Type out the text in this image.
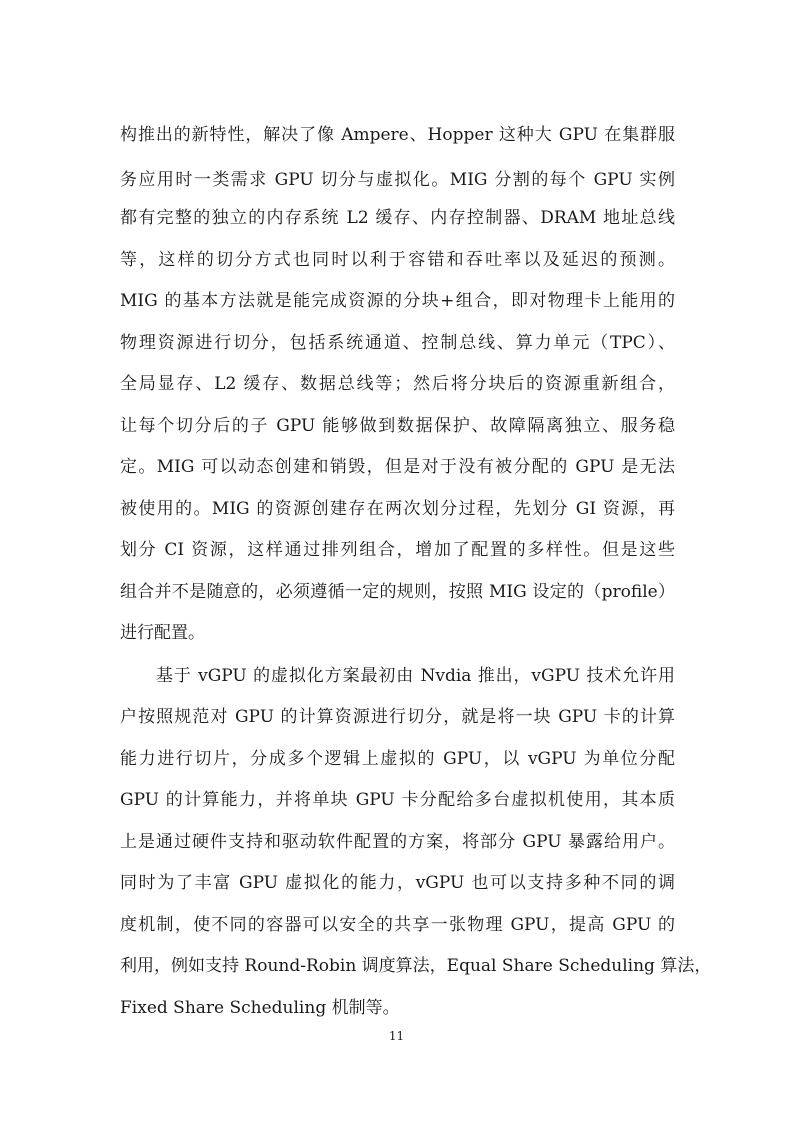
构推出的新特性，解决了像 Ampere、Hopper 这种大 GPU 在集群服
务应用时一类需求 GPU 切分与虚拟化。MIG 分割的每个 GPU 实例
都有完整的独立的内存系统 L2 缓存、内存控制器、DRAM 地址总线
等，这样的切分方式也同时以利于容错和吞吐率以及延迟的预测。
MIG 的基本方法就是能完成资源的分块+组合，即对物理卡上能用的
物理资源进行切分，包括系统通道、控制总线、算力单元（TPC）、
全局显存、L2 缓存、数据总线等；然后将分块后的资源重新组合，
让每个切分后的子 GPU 能够做到数据保护、故障隔离独立、服务稳
定。MIG 可以动态创建和销毁，但是对于没有被分配的 GPU 是无法
被使用的。MIG 的资源创建存在两次划分过程，先划分 GI 资源，再
划分 CI 资源，这样通过排列组合，增加了配置的多样性。但是这些
组合并不是随意的，必须遵循一定的规则，按照 MIG 设定的（profile）
进行配置。
基于 vGPU 的虚拟化方案最初由 Nvdia 推出，vGPU 技术允许用
户按照规范对 GPU 的计算资源进行切分，就是将一块 GPU 卡的计算
能力进行切片，分成多个逻辑上虚拟的 GPU，以 vGPU 为单位分配
GPU 的计算能力，并将单块 GPU 卡分配给多台虚拟机使用，其本质
上是通过硬件支持和驱动软件配置的方案，将部分 GPU 暴露给用户。
同时为了丰富 GPU 虚拟化的能力，vGPU 也可以支持多种不同的调
度机制，使不同的容器可以安全的共享一张物理 GPU，提高 GPU 的
利用，例如支持 Round-Robin 调度算法，Equal Share Scheduling 算法，
Fixed Share Scheduling 机制等。
11
